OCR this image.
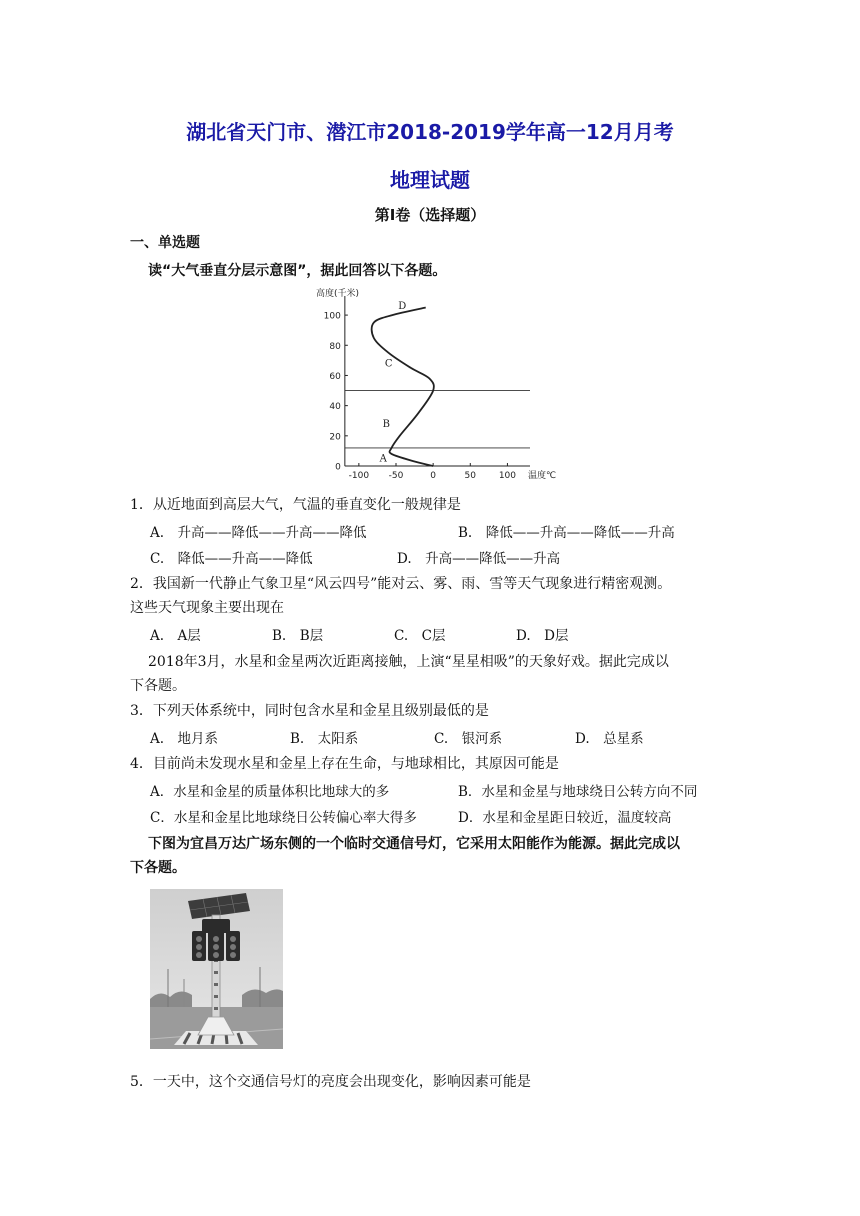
湖北省天门市、潜江市2018-2019学年高一12月月考
地理试题
第Ⅰ卷（选择题）

一、单选题

读“大气垂直分层示意图”，据此回答以下各题。

0
20
40
60
80
100
-100 -50	0	50	100
高度(千米)
温度℃
A
B
C
D

1．从近地面到高层大气，气温的垂直变化一般规律是

A.　升高——降低——升高——降低	B.　降低——升高——降低——升高
C.　降低——升高——降低	D.　升高——降低——升高

2．我国新一代静止气象卫星“风云四号”能对云、雾、雨、雪等天气现象进行精密观测。

这些天气现象主要出现在

A.　A层	B.　B层	C.　C层	D.　D层

2018年3月，水星和金星两次近距离接触，上演“星星相吸”的天象好戏。据此完成以

下各题。

3．下列天体系统中，同时包含水星和金星且级别最低的是

A.　地月系	B.　太阳系	C.　银河系	D.　总星系

4．目前尚未发现水星和金星上存在生命，与地球相比，其原因可能是

A．水星和金星的质量体积比地球大的多	B．水星和金星与地球绕日公转方向不同
C．水星和金星比地球绕日公转偏心率大得多	D．水星和金星距日较近，温度较高

下图为宜昌万达广场东侧的一个临时交通信号灯，它采用太阳能作为能源。据此完成以

下各题。

5．一天中，这个交通信号灯的亮度会出现变化，影响因素可能是
